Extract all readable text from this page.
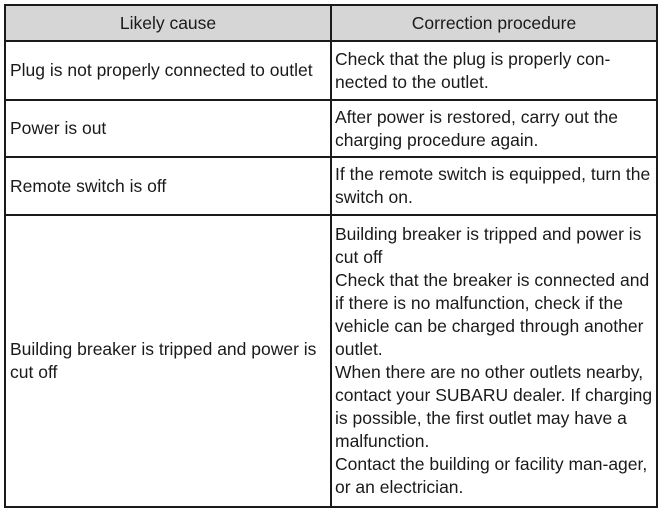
Likely cause	Correction procedure
Plug is not properly connected to outlet	Check that the plug is properly con-nected to the outlet.

Power is out	After power is restored, carry out the charging procedure again.

Remote switch is off	If the remote switch is equipped, turn the switch on.

Building breaker is tripped and power is cut off	Building breaker is tripped and power is cut off
Check that the breaker is connected and if there is no malfunction, check if the vehicle can be charged through another outlet.
When there are no other outlets nearby, contact your SUBARU dealer. If charging is possible, the first outlet may have a malfunction.
Contact the building or facility man-ager, or an electrician.
